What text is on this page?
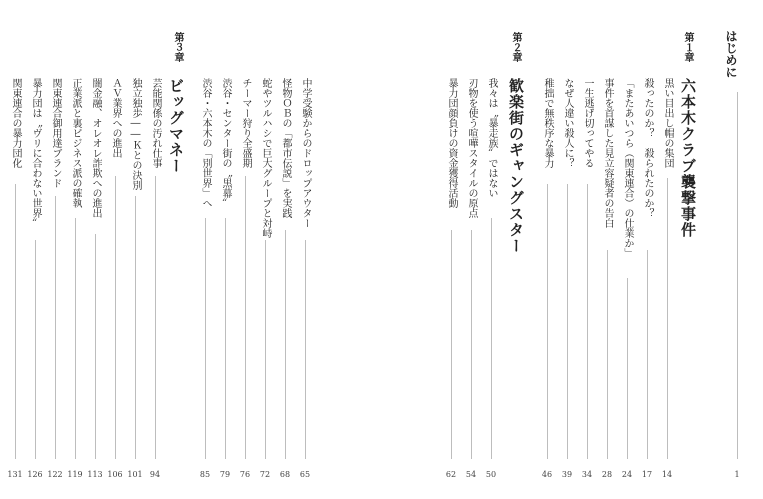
はじめに
1
第１章
六本木クラブ襲撃事件
黒い目出し帽の集団
14
殺ったのか？　殺られたのか？
17
「またあいつら（関東連合）の仕業か」
24
事件を首謀した見立容疑者の告白
28
一生逃げ切ってやる
34
なぜ人違い殺人に？
39
稚拙で無秩序な暴力
46
第２章
歓楽街のギャングスター
我々は〝暴走族〟ではない
50
刃物を使う喧嘩スタイルの原点
54
暴力団顔負けの資金獲得活動
62
中学受験からのドロップアウター
65
怪物ＯＢの「都市伝説」を実践
68
蛇やツルハシで巨大グループと対峙
72
チーマー狩り全盛期
76
渋谷・センター街の〝黒幕〟
79
渋谷・六本木の「別世界」へ
85
第３章
ビッグマネー
芸能関係の汚れ仕事
94
独立独歩――Ｋとの決別
101
ＡＶ業界への進出
106
闇金融、オレオレ詐欺への進出
113
正業派と裏ビジネス派の確執
119
関東連合御用達ブランド
122
暴力団は〝ヴリに合わない世界〟
126
関東連合の暴力団化
131
